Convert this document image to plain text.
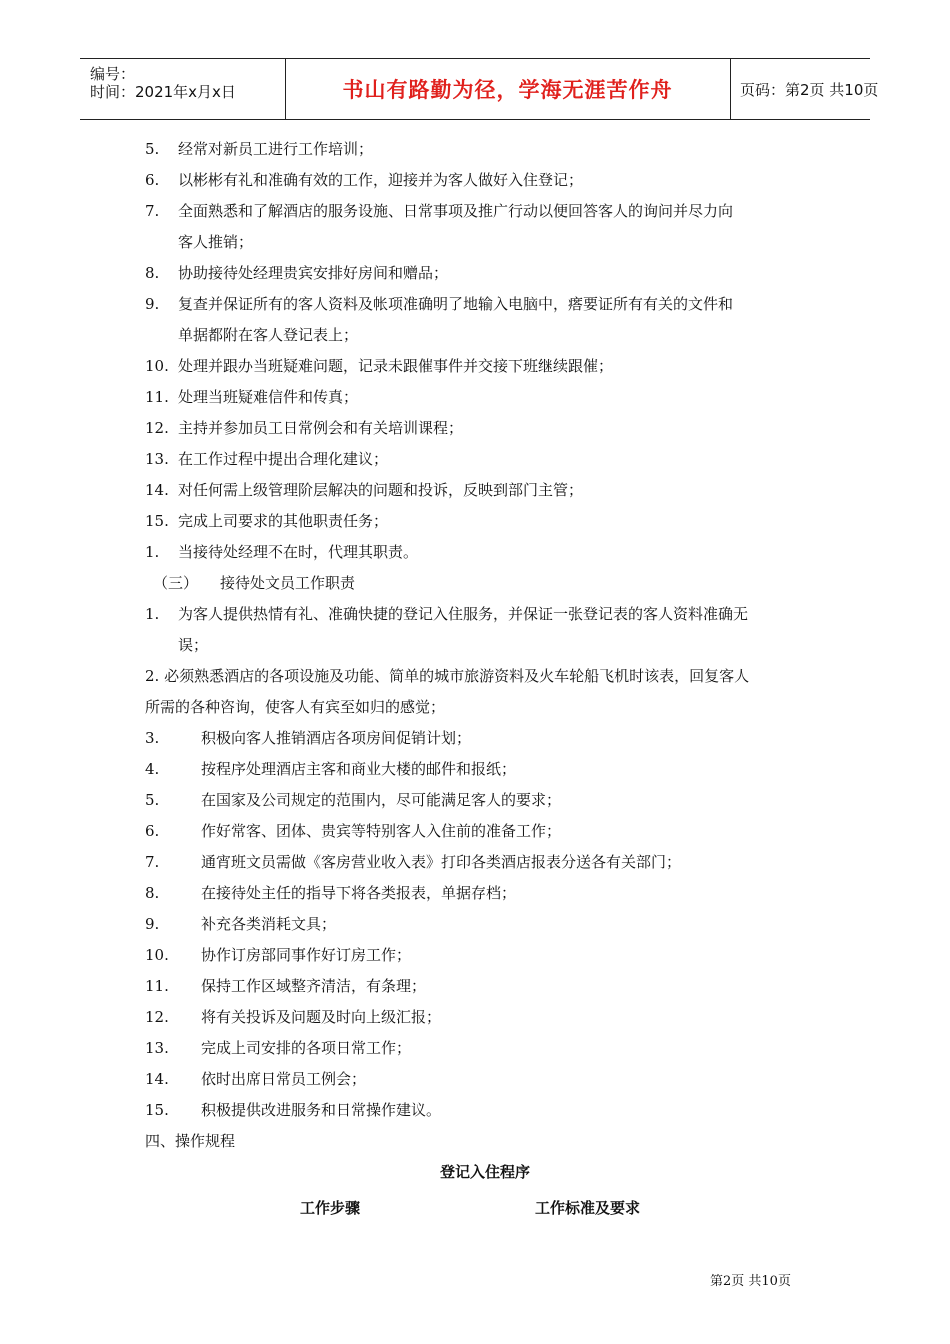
编号：
时间：2021年x月x日	书山有路勤为径，学海无涯苦作舟	页码：第2页 共10页
5. 经常对新员工进行工作培训；
6. 以彬彬有礼和准确有效的工作，迎接并为客人做好入住登记；
7. 全面熟悉和了解酒店的服务设施、日常事项及推广行动以便回答客人的询问并尽力向
客人推销；
8. 协助接待处经理贵宾安排好房间和赠品；
9. 复查并保证所有的客人资料及帐项准确明了地输入电脑中，瘩要证所有有关的文件和
单据都附在客人登记表上；
10. 处理并跟办当班疑难问题，记录未跟催事件并交接下班继续跟催；
11. 处理当班疑难信件和传真；
12. 主持并参加员工日常例会和有关培训课程；
13. 在工作过程中提出合理化建议；
14. 对任何需上级管理阶层解决的问题和投诉，反映到部门主管；
15. 完成上司要求的其他职责任务；
1. 当接待处经理不在时，代理其职责。
（三） 接待处文员工作职责
1. 为客人提供热情有礼、准确快捷的登记入住服务，并保证一张登记表的客人资料准确无
误；
2. 必须熟悉酒店的各项设施及功能、简单的城市旅游资料及火车轮船飞机时该表，回复客人
所需的各种咨询，使客人有宾至如归的感觉；
3.	积极向客人推销酒店各项房间促销计划；
4.	按程序处理酒店主客和商业大楼的邮件和报纸；
5.	在国家及公司规定的范围内，尽可能满足客人的要求；
6.	作好常客、团体、贵宾等特别客人入住前的准备工作；
7.	通宵班文员需做《客房营业收入表》打印各类酒店报表分送各有关部门；
8.	在接待处主任的指导下将各类报表，单据存档；
9.	补充各类消耗文具；
10. 协作订房部同事作好订房工作；
11. 保持工作区域整齐清洁，有条理；
12. 将有关投诉及问题及时向上级汇报；
13. 完成上司安排的各项日常工作；
14. 依时出席日常员工例会；
15. 积极提供改进服务和日常操作建议。
四、操作规程
登记入住程序
工作步骤	工作标准及要求
第2页 共10页
